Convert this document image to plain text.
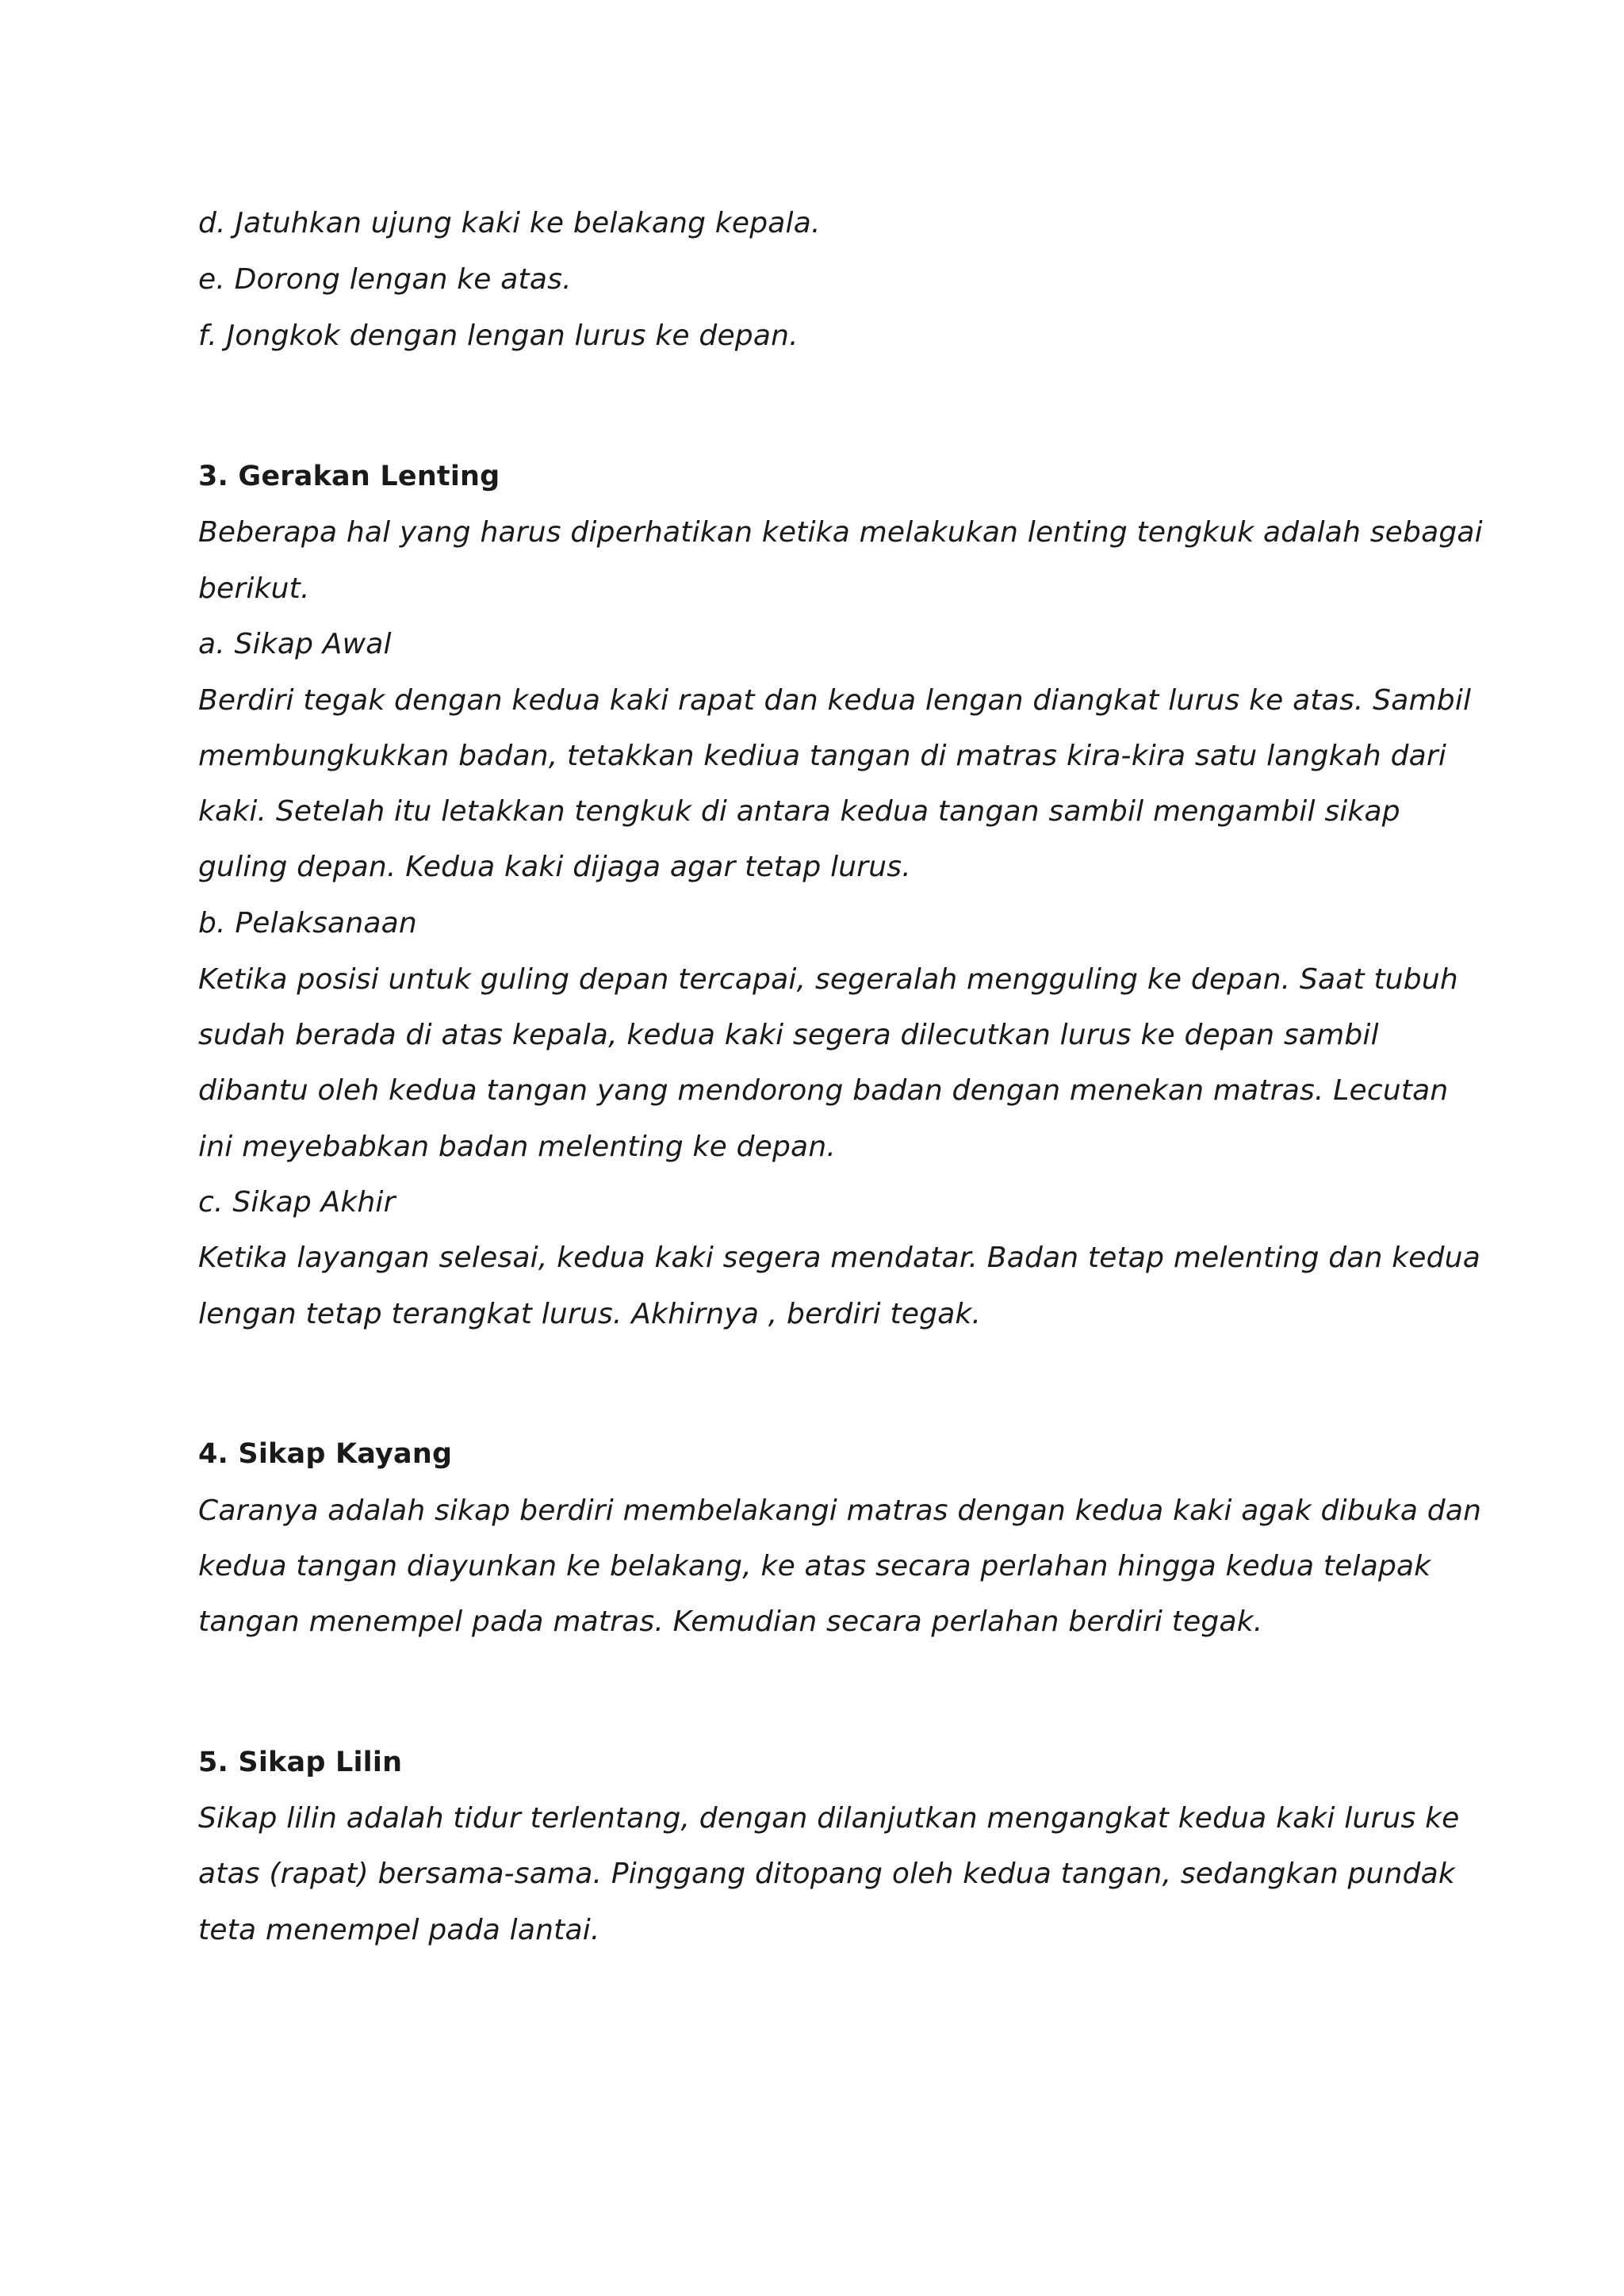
d. Jatuhkan ujung kaki ke belakang kepala.
e. Dorong lengan ke atas.
f. Jongkok dengan lengan lurus ke depan.
3. Gerakan Lenting
Beberapa hal yang harus diperhatikan ketika melakukan lenting tengkuk adalah sebagai
berikut.
a. Sikap Awal
Berdiri tegak dengan kedua kaki rapat dan kedua lengan diangkat lurus ke atas. Sambil
membungkukkan badan, tetakkan kediua tangan di matras kira-kira satu langkah dari
kaki. Setelah itu letakkan tengkuk di antara kedua tangan sambil mengambil sikap
guling depan. Kedua kaki dijaga agar tetap lurus.
b. Pelaksanaan
Ketika posisi untuk guling depan tercapai, segeralah mengguling ke depan. Saat tubuh
sudah berada di atas kepala, kedua kaki segera dilecutkan lurus ke depan sambil
dibantu oleh kedua tangan yang mendorong badan dengan menekan matras. Lecutan
ini meyebabkan badan melenting ke depan.
c. Sikap Akhir
Ketika layangan selesai, kedua kaki segera mendatar. Badan tetap melenting dan kedua
lengan tetap terangkat lurus. Akhirnya , berdiri tegak.
4. Sikap Kayang
Caranya adalah sikap berdiri membelakangi matras dengan kedua kaki agak dibuka dan
kedua tangan diayunkan ke belakang, ke atas secara perlahan hingga kedua telapak
tangan menempel pada matras. Kemudian secara perlahan berdiri tegak.
5. Sikap Lilin
Sikap lilin adalah tidur terlentang, dengan dilanjutkan mengangkat kedua kaki lurus ke
atas (rapat) bersama-sama. Pinggang ditopang oleh kedua tangan, sedangkan pundak
teta menempel pada lantai.
